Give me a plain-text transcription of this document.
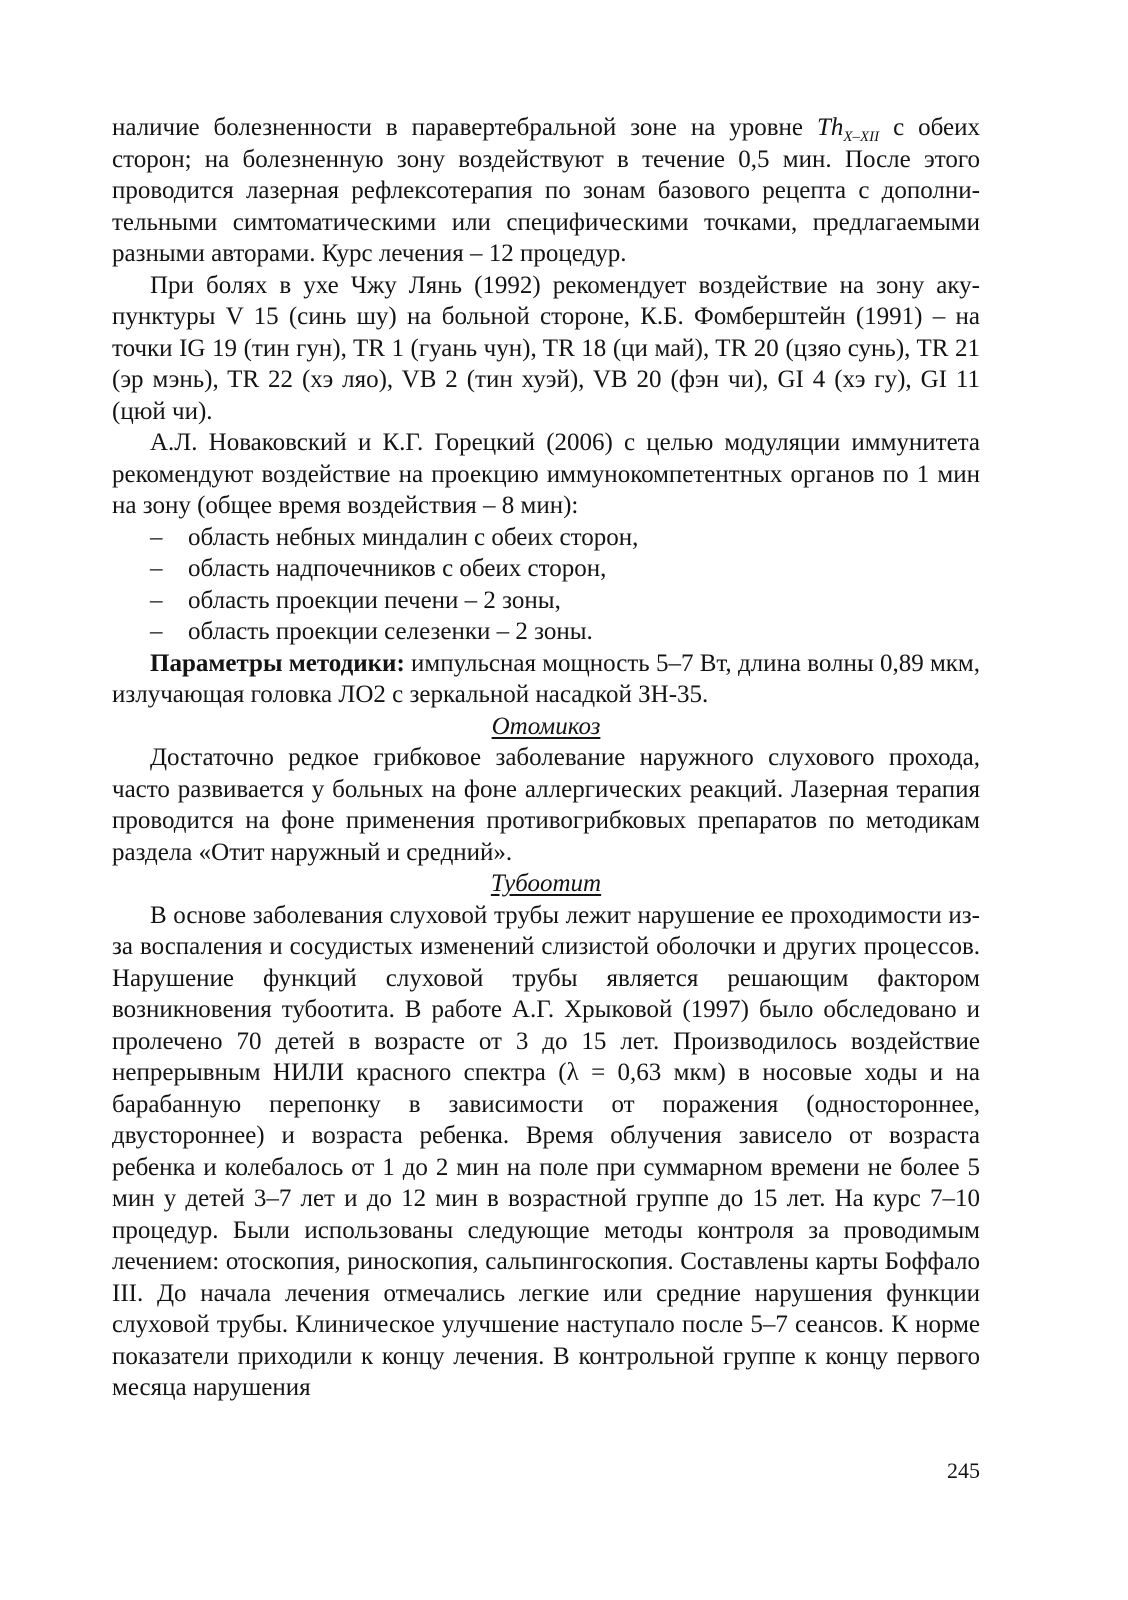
наличие болезненности в паравертебральной зоне на уровне $Th_{X-XII}$ с обеих сторон; на болезненную зону воздействуют в течение 0,5 мин. После этого проводится лазерная рефлексотерапия по зонам базового рецепта с дополнительными симтоматическими или специфическими точками, предлагаемыми разными авторами. Курс лечения – 12 процедур.

При болях в ухе Чжу Лянь (1992) рекомендует воздействие на зону акупунктуры V 15 (синь шу) на больной стороне, К.Б. Фомберштейн (1991) – на точки IG 19 (тин гун), TR 1 (гуань чун), TR 18 (ци май), TR 20 (цзяо сунь), TR 21 (эр мэнь), TR 22 (хэ ляо), VB 2 (тин хуэй), VB 20 (фэн чи), GI 4 (хэ гу), GI 11 (цюй чи).

А.Л. Новаковский и К.Г. Горецкий (2006) с целью модуляции иммунитета рекомендуют воздействие на проекцию иммунокомпетентных органов по 1 мин на зону (общее время воздействия – 8 мин):

– область небных миндалин с обеих сторон,
– область надпочечников с обеих сторон,
– область проекции печени – 2 зоны,
– область проекции селезенки – 2 зоны.

Параметры методики: импульсная мощность 5–7 Вт, длина волны 0,89 мкм, излучающая головка ЛО2 с зеркальной насадкой ЗН-35.

Отомикоз

Достаточно редкое грибковое заболевание наружного слухового прохода, часто развивается у больных на фоне аллергических реакций. Лазерная терапия проводится на фоне применения противогрибковых препаратов по методикам раздела «Отит наружный и средний».

Тубоотит

В основе заболевания слуховой трубы лежит нарушение ее проходимости из-за воспаления и сосудистых изменений слизистой оболочки и других процессов. Нарушение функций слуховой трубы является решающим фактором возникновения тубоотита. В работе А.Г. Хрыковой (1997) было обследовано и пролечено 70 детей в возрасте от 3 до 15 лет. Производилось воздействие непрерывным НИЛИ красного спектра (λ = 0,63 мкм) в носовые ходы и на барабанную перепонку в зависимости от поражения (одностороннее, двустороннее) и возраста ребенка. Время облучения зависело от возраста ребенка и колебалось от 1 до 2 мин на поле при суммарном времени не более 5 мин у детей 3–7 лет и до 12 мин в возрастной группе до 15 лет. На курс 7–10 процедур. Были использованы следующие методы контроля за проводимым лечением: отоскопия, риноскопия, сальпингоскопия. Составлены карты Боффало III. До начала лечения отмечались легкие или средние нарушения функции слуховой трубы. Клиническое улучшение наступало после 5–7 сеансов. К норме показатели приходили к концу лечения. В контрольной группе к концу первого месяца нарушения

245
